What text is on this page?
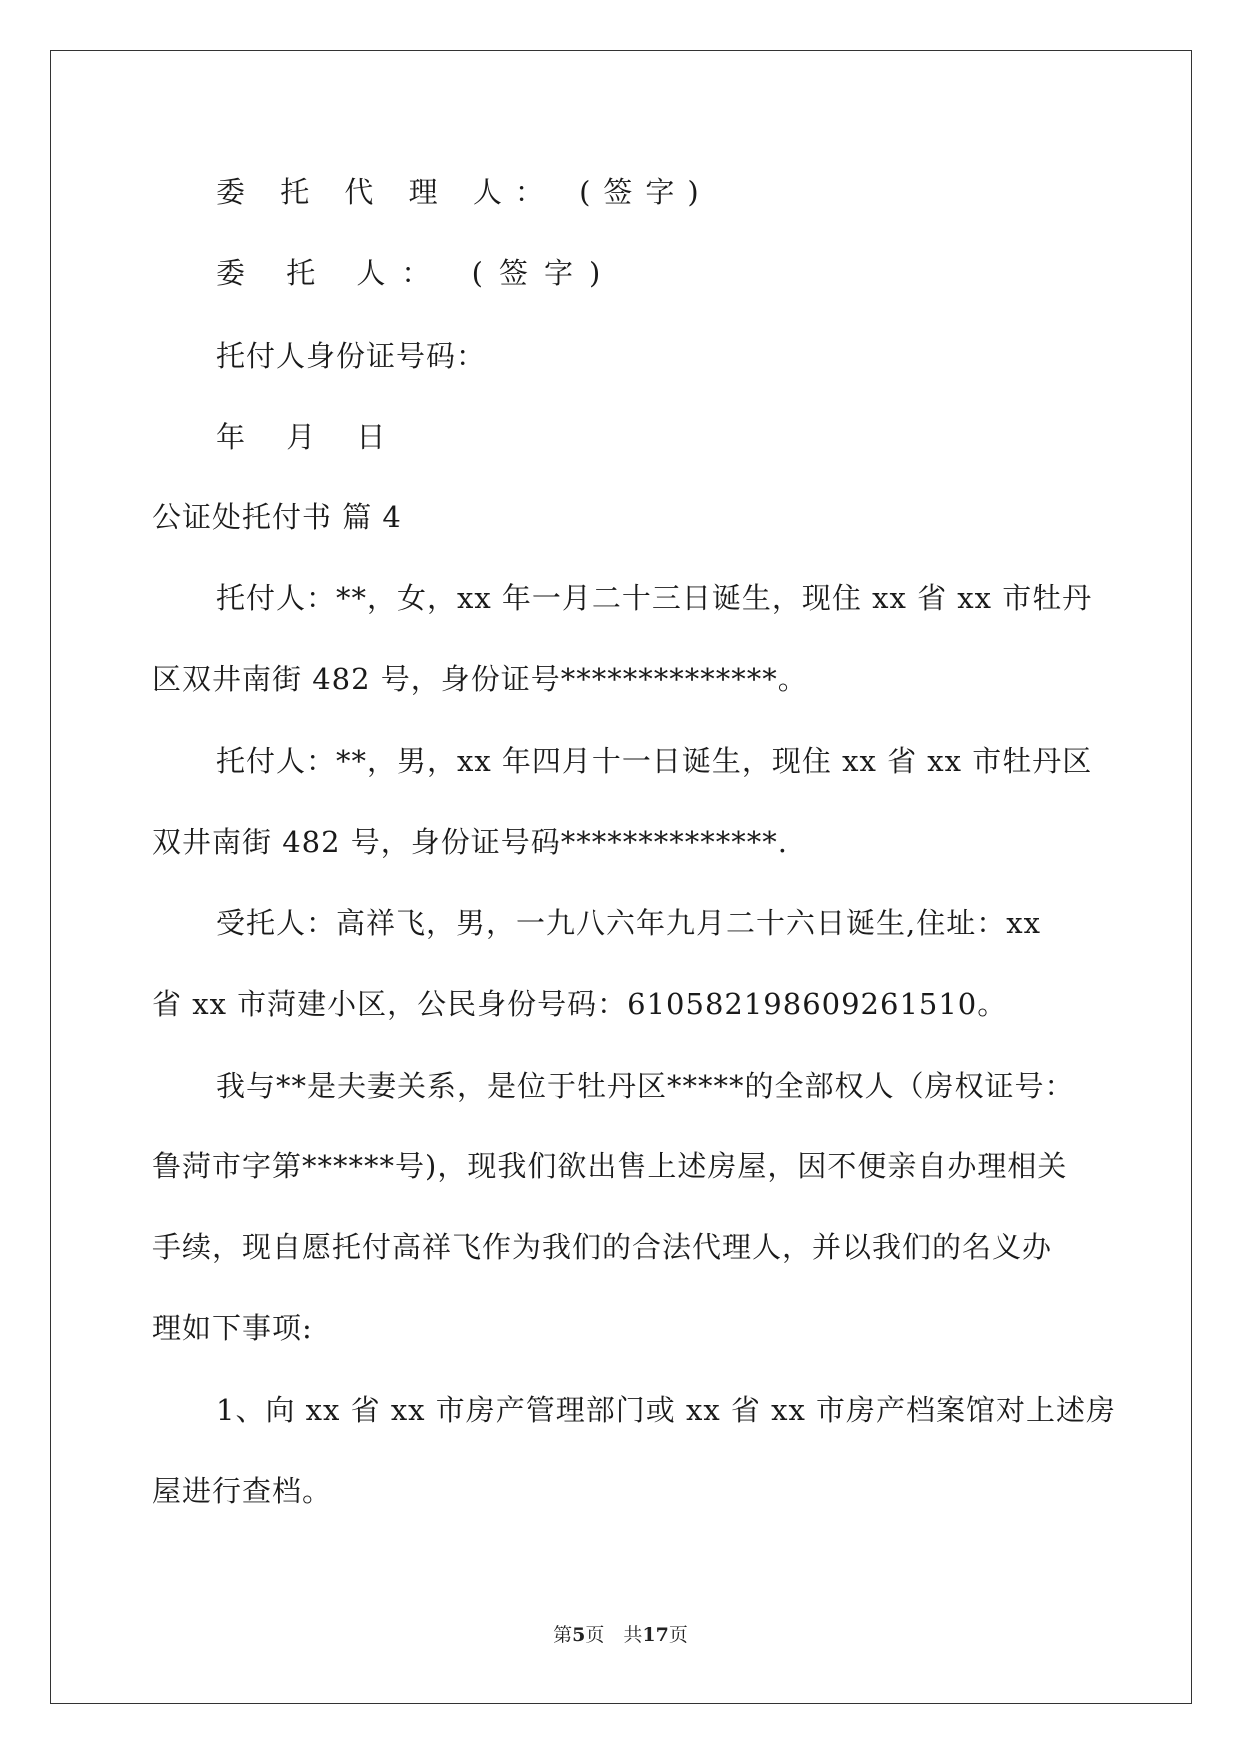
委 托 代 理 人： (签字)
委 托 人： (签字)
托付人身份证号码：
年 月 日
公证处托付书 篇 4
托付人：**，女，xx 年一月二十三日诞生，现住 xx 省 xx 市牡丹
区双井南街 482 号，身份证号**************。
托付人：**，男，xx 年四月十一日诞生，现住 xx 省 xx 市牡丹区
双井南街 482 号，身份证号码**************.
受托人：高祥飞，男，一九八六年九月二十六日诞生,住址：xx
省 xx 市菏建小区，公民身份号码：610582198609261510。
我与**是夫妻关系，是位于牡丹区*****的全部权人（房权证号：
鲁菏市字第******号)，现我们欲出售上述房屋，因不便亲自办理相关
手续，现自愿托付高祥飞作为我们的合法代理人，并以我们的名义办
理如下事项:
1、向 xx 省 xx 市房产管理部门或 xx 省 xx 市房产档案馆对上述房
屋进行查档。
第5页　共17页
